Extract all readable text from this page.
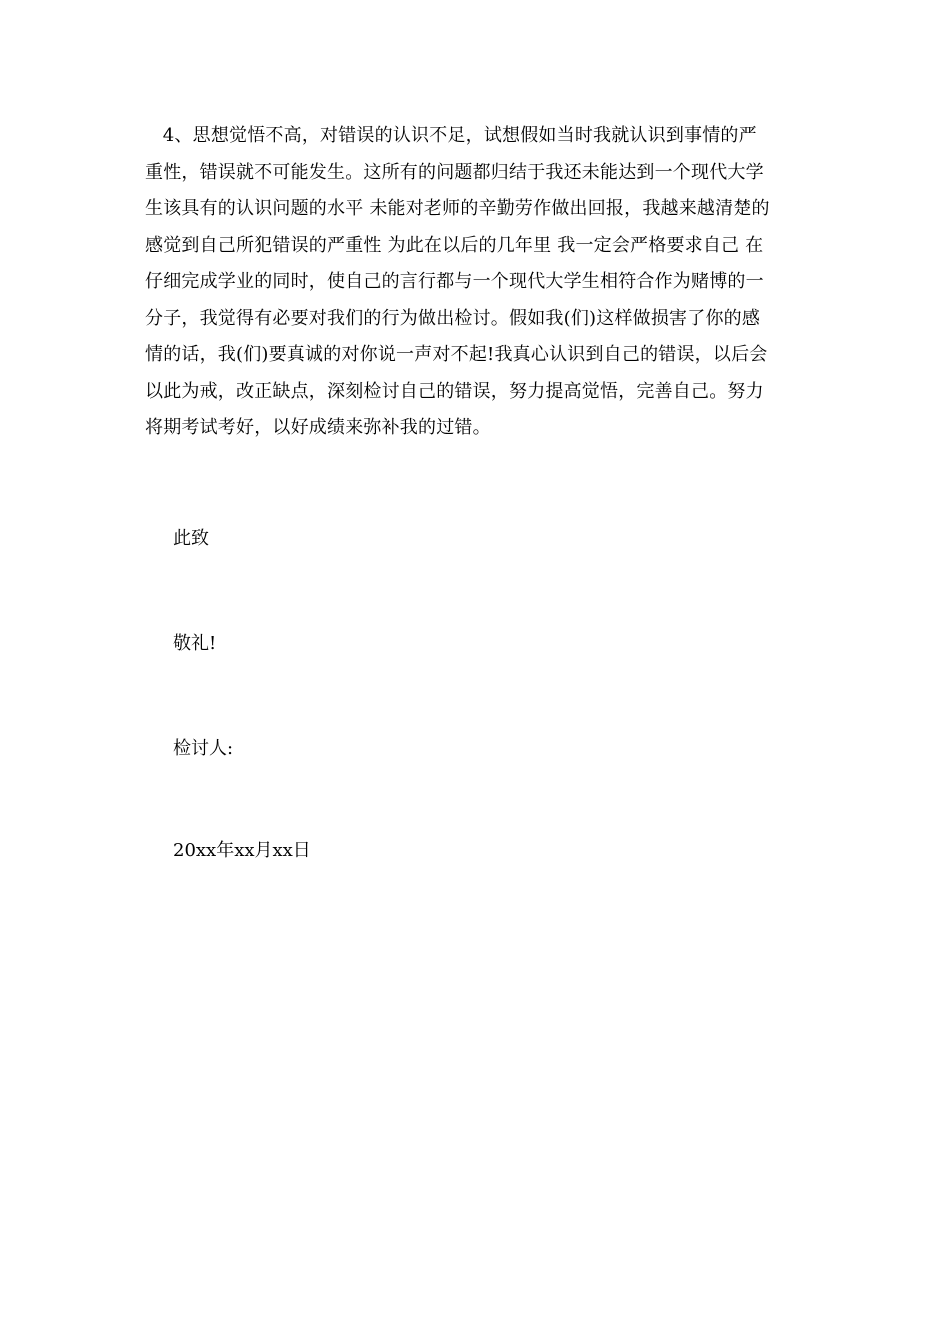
4、思想觉悟不高，对错误的认识不足，试想假如当时我就认识到事情的严
重性，错误就不可能发生。这所有的问题都归结于我还未能达到一个现代大学
生该具有的认识问题的水平 未能对老师的辛勤劳作做出回报，我越来越清楚的
感觉到自己所犯错误的严重性 为此在以后的几年里 我一定会严格要求自己 在
仔细完成学业的同时，使自己的言行都与一个现代大学生相符合作为赌博的一
分子，我觉得有必要对我们的行为做出检讨。假如我(们)这样做损害了你的感
情的话，我(们)要真诚的对你说一声对不起!我真心认识到自己的错误，以后会
以此为戒，改正缺点，深刻检讨自己的错误，努力提高觉悟，完善自己。努力
将期考试考好，以好成绩来弥补我的过错。
此致
敬礼!
检讨人:
20xx年xx月xx日
